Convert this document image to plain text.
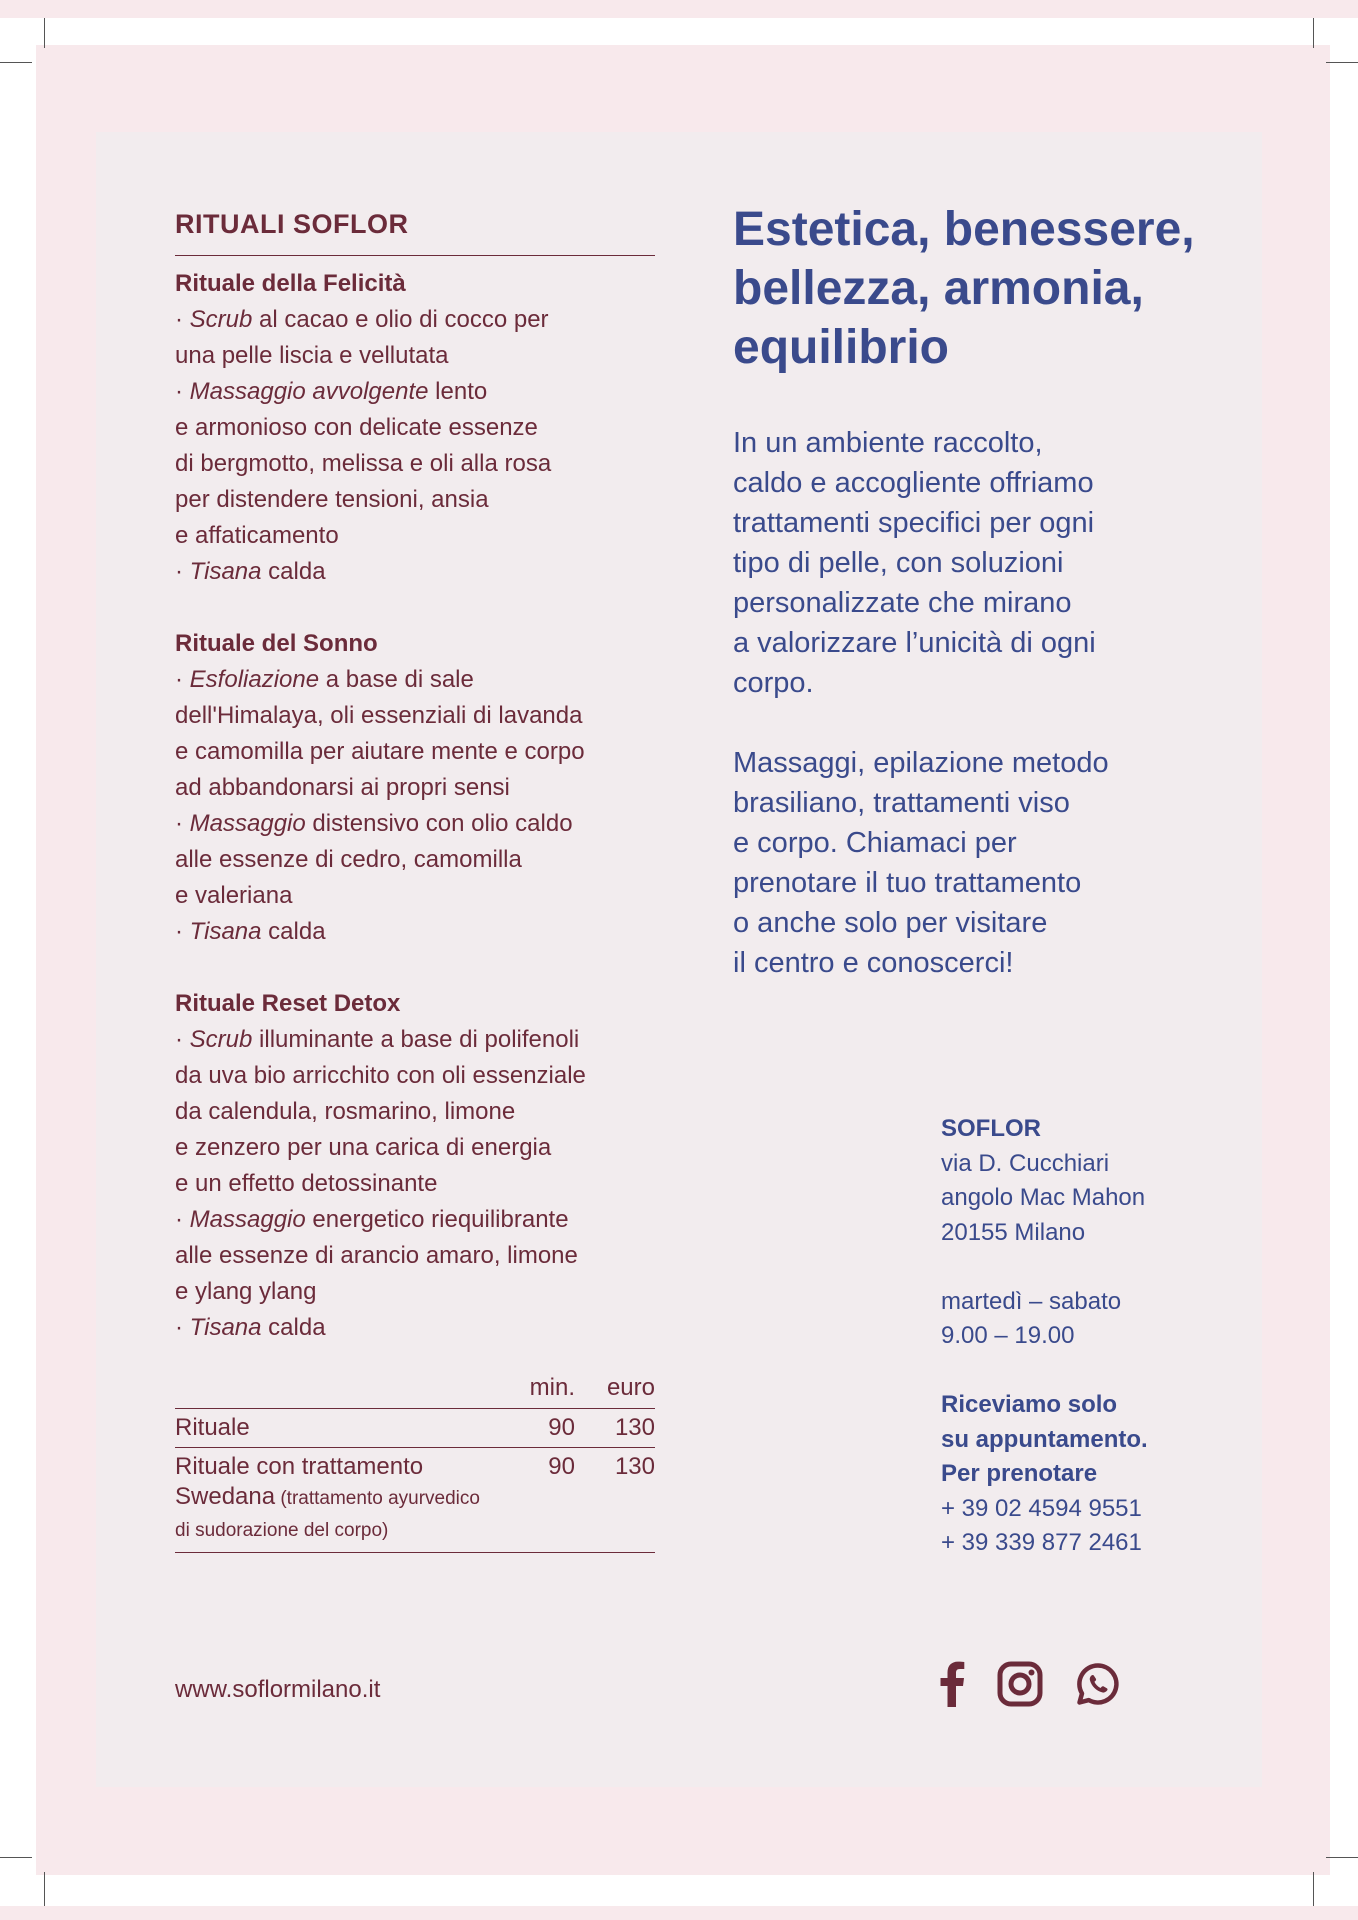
RITUALI SOFLOR
Rituale della Felicità
· Scrub al cacao e olio di cocco per
una pelle liscia e vellutata
· Massaggio avvolgente lento
e armonioso con delicate essenze
di bergmotto, melissa e oli alla rosa
per distendere tensioni, ansia
e affaticamento
· Tisana calda
Rituale del Sonno
· Esfoliazione a base di sale
dell'Himalaya, oli essenziali di lavanda
e camomilla per aiutare mente e corpo
ad abbandonarsi ai propri sensi
· Massaggio distensivo con olio caldo
alle essenze di cedro, camomilla
e valeriana
· Tisana calda
Rituale Reset Detox
· Scrub illuminante a base di polifenoli
da uva bio arricchito con oli essenziale
da calendula, rosmarino, limone
e zenzero per una carica di energia
e un effetto detossinante
· Massaggio energetico riequilibrante
alle essenze di arancio amaro, limone
e ylang ylang
· Tisana calda
	min.	euro
Rituale	90	130
Rituale con trattamento
Swedana (trattamento ayurvedico
di sudorazione del corpo)	90	130
www.soflormilano.it
Estetica, benessere,
bellezza, armonia,
equilibrio

In un ambiente raccolto,
caldo e accogliente offriamo
trattamenti specifici per ogni
tipo di pelle, con soluzioni
personalizzate che mirano
a valorizzare l’unicità di ogni
corpo.

Massaggi, epilazione metodo
brasiliano, trattamenti viso
e corpo. Chiamaci per
prenotare il tuo trattamento
o anche solo per visitare
il centro e conoscerci!

SOFLOR
via D. Cucchiari
angolo Mac Mahon
20155 Milano
martedì – sabato
9.00 – 19.00
Riceviamo solo
su appuntamento.
Per prenotare
+ 39 02 4594 9551
+ 39 339 877 2461
